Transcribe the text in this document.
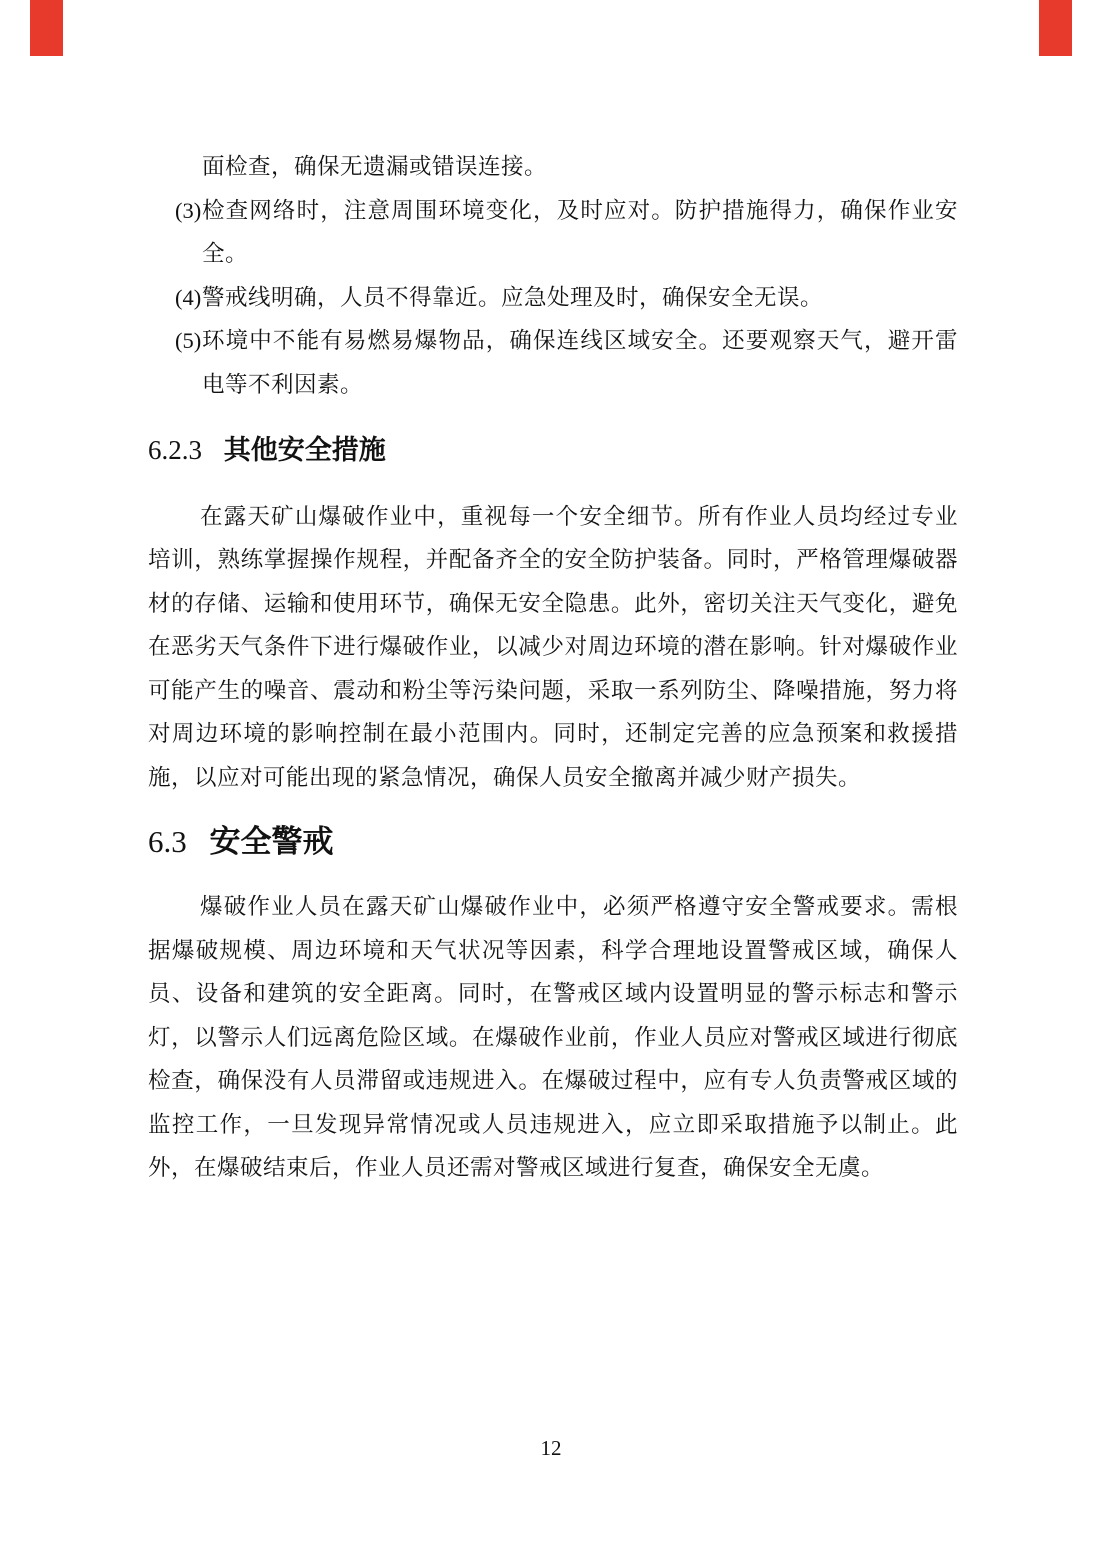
面检查，确保无遗漏或错误连接。
(3) 检查网络时，注意周围环境变化，及时应对。防护措施得力，确保作业安全。
(4) 警戒线明确，人员不得靠近。应急处理及时，确保安全无误。
(5) 环境中不能有易燃易爆物品，确保连线区域安全。还要观察天气，避开雷电等不利因素。
6.2.3 其他安全措施

在露天矿山爆破作业中，重视每一个安全细节。所有作业人员均经过专业培训，熟练掌握操作规程，并配备齐全的安全防护装备。同时，严格管理爆破器材的存储、运输和使用环节，确保无安全隐患。此外，密切关注天气变化，避免在恶劣天气条件下进行爆破作业，以减少对周边环境的潜在影响。针对爆破作业可能产生的噪音、震动和粉尘等污染问题，采取一系列防尘、降噪措施，努力将对周边环境的影响控制在最小范围内。同时，还制定完善的应急预案和救援措施，以应对可能出现的紧急情况，确保人员安全撤离并减少财产损失。

6.3 安全警戒

爆破作业人员在露天矿山爆破作业中，必须严格遵守安全警戒要求。需根据爆破规模、周边环境和天气状况等因素，科学合理地设置警戒区域，确保人员、设备和建筑的安全距离。同时，在警戒区域内设置明显的警示标志和警示灯，以警示人们远离危险区域。在爆破作业前，作业人员应对警戒区域进行彻底检查，确保没有人员滞留或违规进入。在爆破过程中，应有专人负责警戒区域的监控工作，一旦发现异常情况或人员违规进入，应立即采取措施予以制止。此外，在爆破结束后，作业人员还需对警戒区域进行复查，确保安全无虞。

12
